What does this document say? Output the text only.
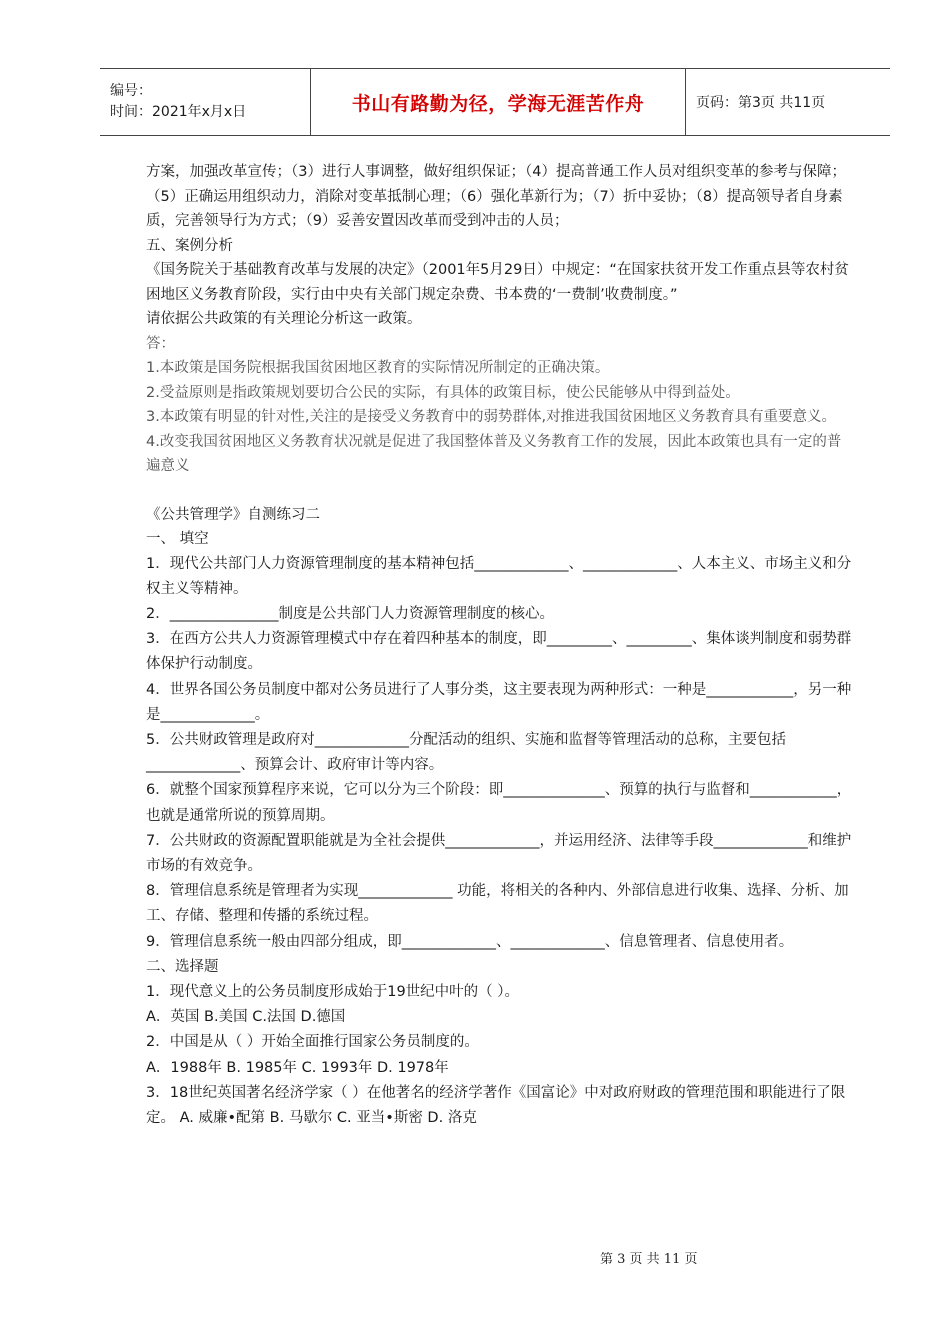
编号：
时间：2021年x月x日	书山有路勤为径，学海无涯苦作舟	页码：第3页 共11页

方案，加强改革宣传；（3）进行人事调整，做好组织保证；（4）提高普通工作人员对组织变革的参考与保障；（5）正确运用组织动力，消除对变革抵制心理；（6）强化革新行为；（7）折中妥协；（8）提高领导者自身素质，完善领导行为方式；（9）妥善安置因改革而受到冲击的人员；

五、案例分析

《国务院关于基础教育改革与发展的决定》（2001年5月29日）中规定：“在国家扶贫开发工作重点县等农村贫困地区义务教育阶段，实行由中央有关部门规定杂费、书本费的‘一费制’收费制度。”

请依据公共政策的有关理论分析这一政策。

答：

1.本政策是国务院根据我国贫困地区教育的实际情况所制定的正确决策。

2.受益原则是指政策规划要切合公民的实际，有具体的政策目标，使公民能够从中得到益处。

3.本政策有明显的针对性,关注的是接受义务教育中的弱势群体,对推进我国贫困地区义务教育具有重要意义。

4.改变我国贫困地区义务教育状况就是促进了我国整体普及义务教育工作的发展，因此本政策也具有一定的普遍意义

《公共管理学》自测练习二

一、 填空

1．现代公共部门人力资源管理制度的基本精神包括_____________、_____________、人本主义、市场主义和分权主义等精神。

2．_______________制度是公共部门人力资源管理制度的核心。

3．在西方公共人力资源管理模式中存在着四种基本的制度，即_________、_________、集体谈判制度和弱势群体保护行动制度。

4．世界各国公务员制度中都对公务员进行了人事分类，这主要表现为两种形式：一种是____________，另一种是_____________。

5．公共财政管理是政府对_____________分配活动的组织、实施和监督等管理活动的总称，主要包括_____________、预算会计、政府审计等内容。

6．就整个国家预算程序来说，它可以分为三个阶段：即______________、预算的执行与监督和____________，也就是通常所说的预算周期。

7．公共财政的资源配置职能就是为全社会提供_____________，并运用经济、法律等手段_____________和维护市场的有效竞争。

8．管理信息系统是管理者为实现_____________ 功能，将相关的各种内、外部信息进行收集、选择、分析、加工、存储、整理和传播的系统过程。

9．管理信息系统一般由四部分组成，即_____________、_____________、信息管理者、信息使用者。

二、选择题

1．现代意义上的公务员制度形成始于19世纪中叶的（ ）。

A．英国 B.美国 C.法国 D.德国

2．中国是从（ ）开始全面推行国家公务员制度的。

A．1988年 B. 1985年 C. 1993年 D. 1978年

3．18世纪英国著名经济学家（ ）在他著名的经济学著作《国富论》中对政府财政的管理范围和职能进行了限定。 A. 威廉•配第 B. 马歇尔 C. 亚当•斯密 D. 洛克

第 3 页 共 11 页
